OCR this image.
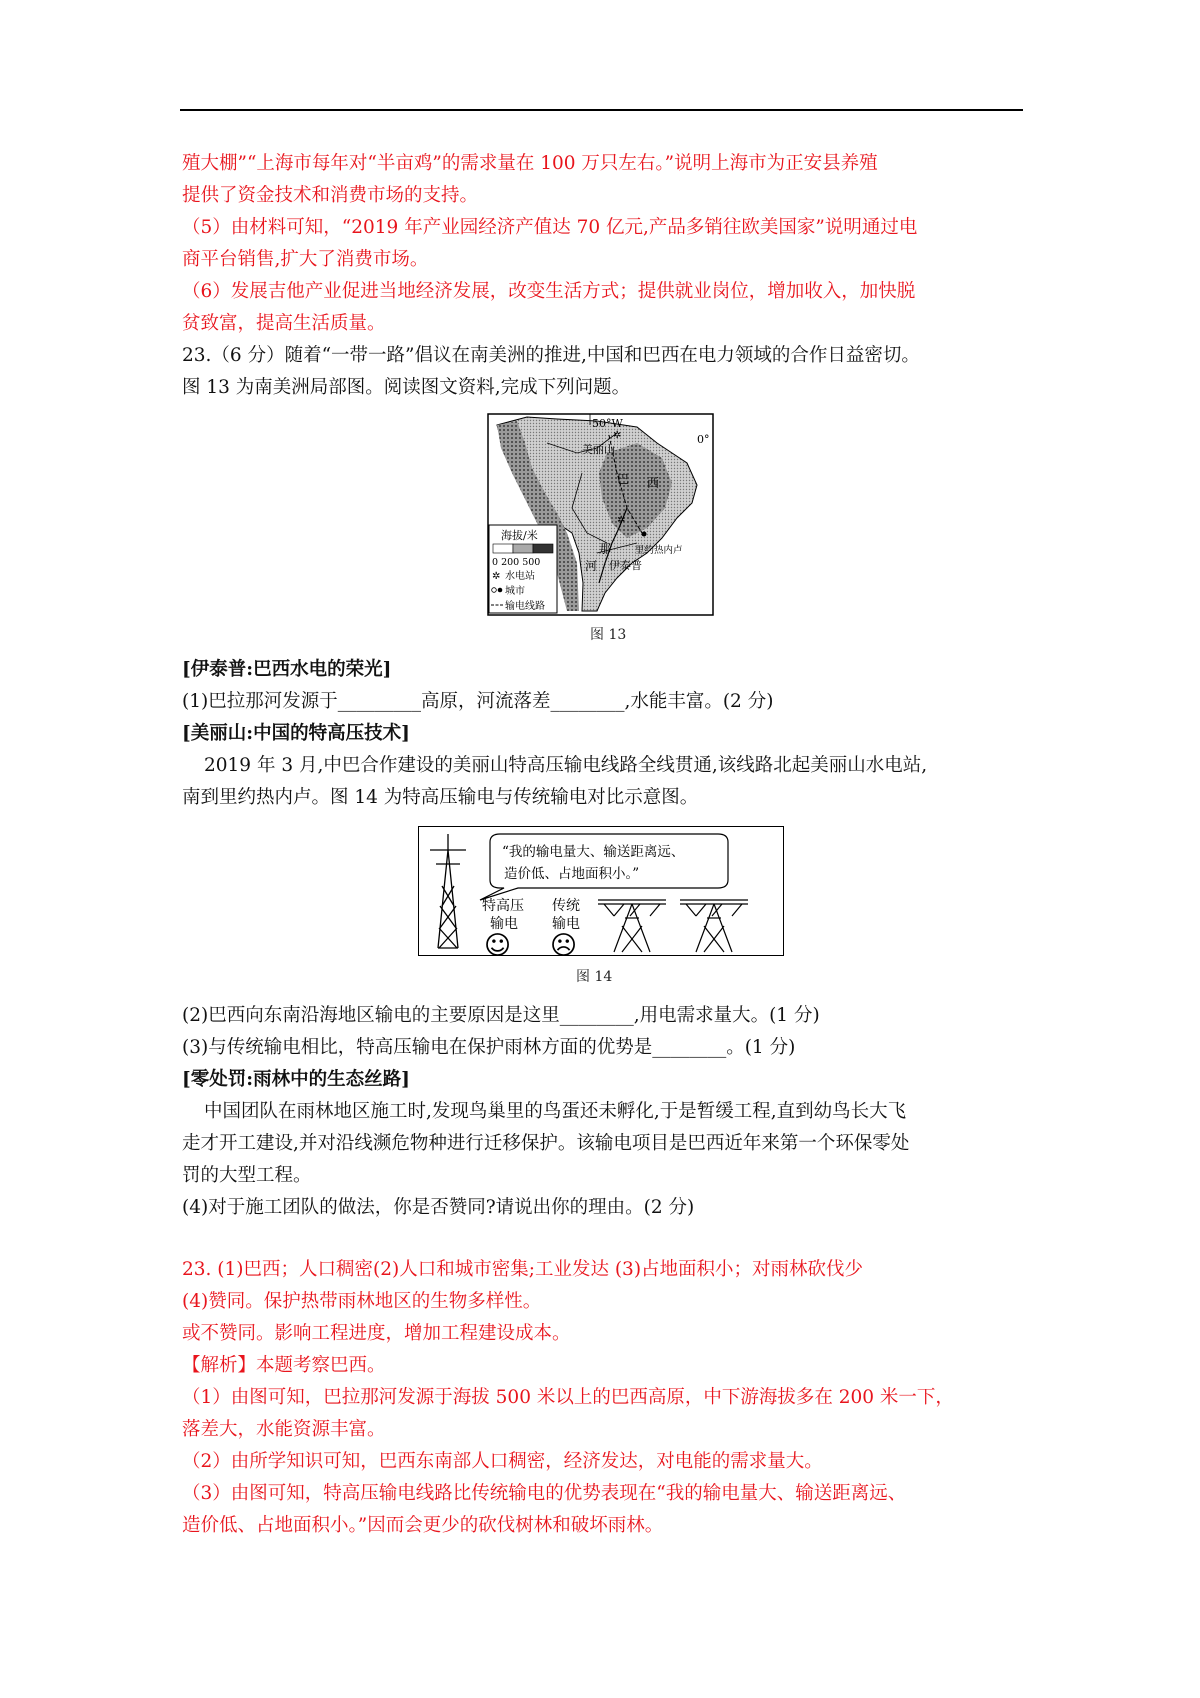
殖大棚”“上海市每年对“半亩鸡”的需求量在 100 万只左右。”说明上海市为正安县养殖
提供了资金技术和消费市场的支持。
（5）由材料可知，“2019 年产业园经济产值达 70 亿元,产品多销往欧美国家”说明通过电
商平台销售,扩大了消费市场。
（6）发展吉他产业促进当地经济发展，改变生活方式；提供就业岗位，增加收入，加快脱
贫致富，提高生活质量。
23.（6 分）随着“一带一路”倡议在南美洲的推进,中国和巴西在电力领域的合作日益密切。
图 13 为南美洲局部图。阅读图文资料,完成下列问题。
50°W
0°
✲
✲
美丽山
巴 西
那
河 伊泰普
里约热内卢
海拔/米
0 200 500
✲ 水电站
城市
输电线路
图 13
[伊泰普:巴西水电的荣光]
(1)巴拉那河发源于_________高原，河流落差________,水能丰富。(2 分)
[美丽山:中国的特高压技术]
2019 年 3 月,中巴合作建设的美丽山特高压输电线路全线贯通,该线路北起美丽山水电站,
南到里约热内卢。图 14 为特高压输电与传统输电对比示意图。
“我的输电量大、输送距离远、
造价低、占地面积小。”
特高压
输电
☺
传统
输电
☹
图 14
(2)巴西向东南沿海地区输电的主要原因是这里________,用电需求量大。(1 分)
(3)与传统输电相比，特高压输电在保护雨林方面的优势是________。(1 分)
[零处罚:雨林中的生态丝路]
中国团队在雨林地区施工时,发现鸟巢里的鸟蛋还未孵化,于是暂缓工程,直到幼鸟长大飞
走才开工建设,并对沿线濒危物种进行迁移保护。该输电项目是巴西近年来第一个环保零处
罚的大型工程。
(4)对于施工团队的做法，你是否赞同?请说出你的理由。(2 分)
23. (1)巴西；人口稠密(2)人口和城市密集;工业发达 (3)占地面积小；对雨林砍伐少
(4)赞同。保护热带雨林地区的生物多样性。
或不赞同。影响工程进度，增加工程建设成本。
【解析】本题考察巴西。
（1）由图可知，巴拉那河发源于海拔 500 米以上的巴西高原，中下游海拔多在 200 米一下，
落差大，水能资源丰富。
（2）由所学知识可知，巴西东南部人口稠密，经济发达，对电能的需求量大。
（3）由图可知，特高压输电线路比传统输电的优势表现在“我的输电量大、输送距离远、
造价低、占地面积小。”因而会更少的砍伐树林和破坏雨林。
